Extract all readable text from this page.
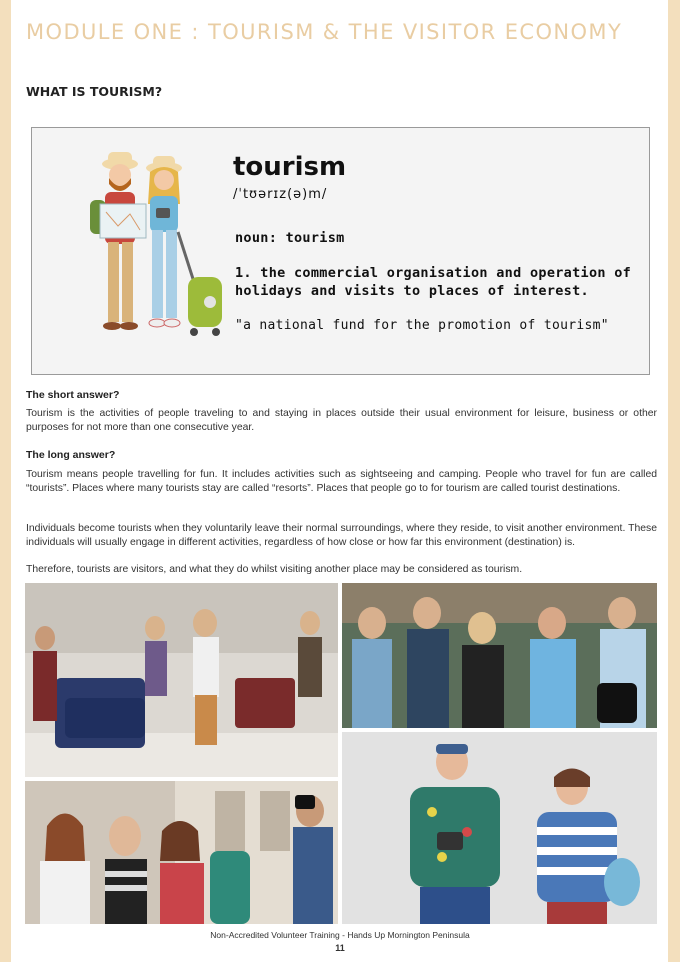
MODULE ONE : TOURISM & THE VISITOR ECONOMY
WHAT IS TOURISM?
tourism
/ˈtʊərɪz(ə)m/
noun: tourism
1. the commercial organisation and operation of holidays and visits to places of interest.
"a national fund for the promotion of tourism"
The short answer?
Tourism is the activities of people traveling to and staying in places outside their usual environment for leisure, business or other purposes for not more than one consecutive year.
The long answer?
Tourism means people travelling for fun. It includes activities such as sightseeing and camping. People who travel for fun are called “tourists”. Places where many tourists stay are called “resorts”. Places that people go to for tourism are called tourist destinations.
Individuals become tourists when they voluntarily leave their normal surroundings, where they reside, to visit another environment. These individuals will usually engage in different activities, regardless of how close or how far this environment (destination) is.
Therefore, tourists are visitors, and what they do whilst visiting another place may be considered as tourism.
Non-Accredited Volunteer Training - Hands Up Mornington Peninsula
11
